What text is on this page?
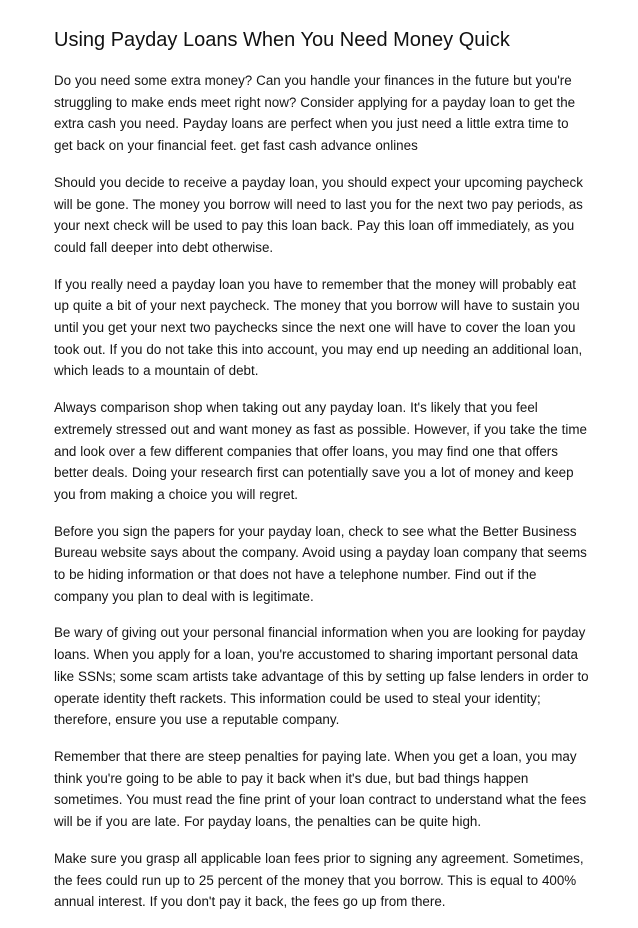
Using Payday Loans When You Need Money Quick

Do you need some extra money? Can you handle your finances in the future but you're struggling to make ends meet right now? Consider applying for a payday loan to get the extra cash you need. Payday loans are perfect when you just need a little extra time to get back on your financial feet. get fast cash advance onlines

Should you decide to receive a payday loan, you should expect your upcoming paycheck will be gone. The money you borrow will need to last you for the next two pay periods, as your next check will be used to pay this loan back. Pay this loan off immediately, as you could fall deeper into debt otherwise.

If you really need a payday loan you have to remember that the money will probably eat up quite a bit of your next paycheck. The money that you borrow will have to sustain you until you get your next two paychecks since the next one will have to cover the loan you took out. If you do not take this into account, you may end up needing an additional loan, which leads to a mountain of debt.

Always comparison shop when taking out any payday loan. It's likely that you feel extremely stressed out and want money as fast as possible. However, if you take the time and look over a few different companies that offer loans, you may find one that offers better deals. Doing your research first can potentially save you a lot of money and keep you from making a choice you will regret.

Before you sign the papers for your payday loan, check to see what the Better Business Bureau website says about the company. Avoid using a payday loan company that seems to be hiding information or that does not have a telephone number. Find out if the company you plan to deal with is legitimate.

Be wary of giving out your personal financial information when you are looking for payday loans. When you apply for a loan, you're accustomed to sharing important personal data like SSNs; some scam artists take advantage of this by setting up false lenders in order to operate identity theft rackets. This information could be used to steal your identity; therefore, ensure you use a reputable company.

Remember that there are steep penalties for paying late. When you get a loan, you may think you're going to be able to pay it back when it's due, but bad things happen sometimes. You must read the fine print of your loan contract to understand what the fees will be if you are late. For payday loans, the penalties can be quite high.

Make sure you grasp all applicable loan fees prior to signing any agreement. Sometimes, the fees could run up to 25 percent of the money that you borrow. This is equal to 400% annual interest. If you don't pay it back, the fees go up from there.
